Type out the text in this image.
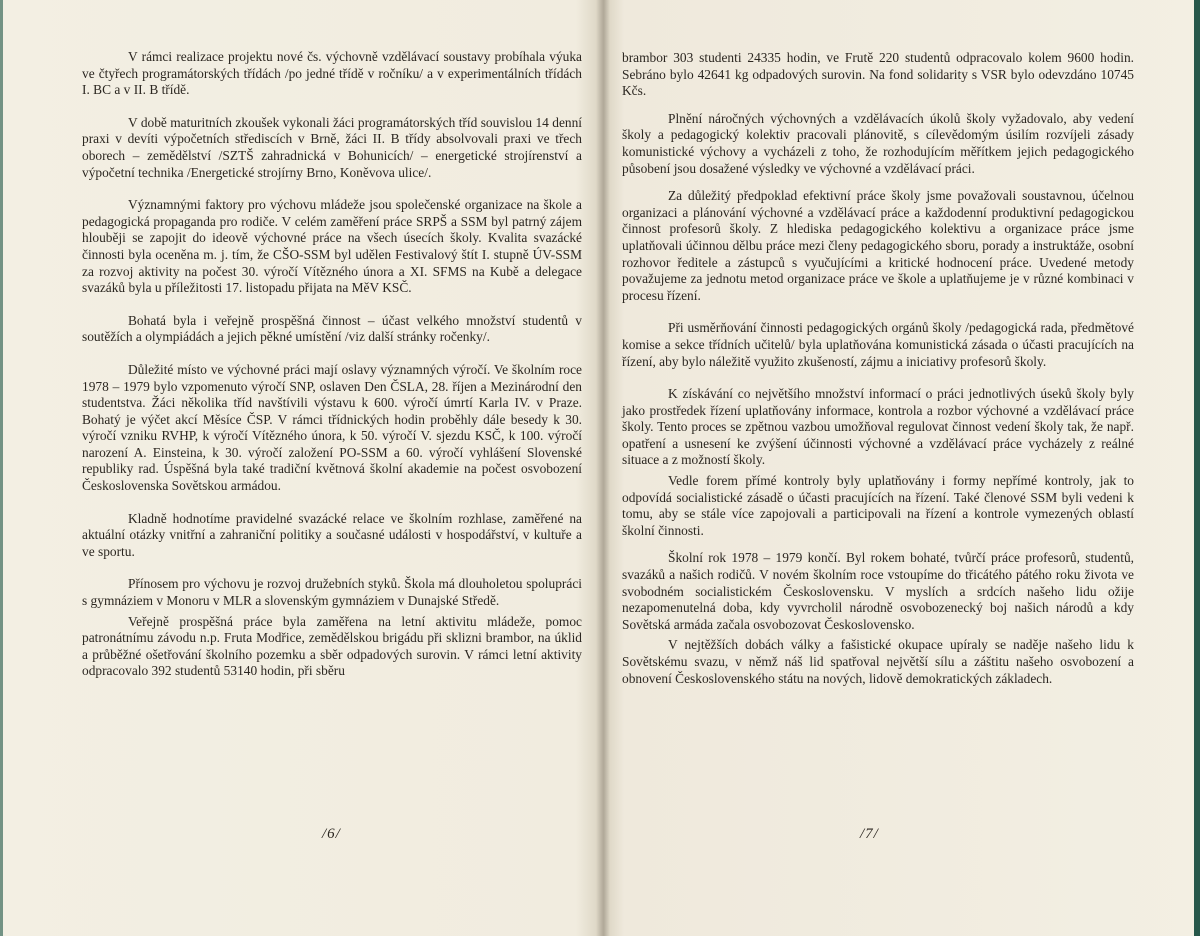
V rámci realizace projektu nové čs. výchovně vzdělávací soustavy probíhala výuka ve čtyřech programátorských třídách /po jedné třídě v ročníku/ a v experimentálních třídách I. BC a v II. B třídě.

V době maturitních zkoušek vykonali žáci programátorských tříd souvislou 14 denní praxi v devíti výpočetních střediscích v Brně, žáci II. B třídy absolvovali praxi ve třech oborech – zemědělství /SZTŠ zahradnická v Bohunicích/ – energetické strojírenství a výpočetní technika /Energetické strojírny Brno, Koněvova ulice/.

Významnými faktory pro výchovu mládeže jsou společenské organizace na škole a pedagogická propaganda pro rodiče. V celém zaměření práce SRPŠ a SSM byl patrný zájem hlouběji se zapojit do ideově výchovné práce na všech úsecích školy. Kvalita svazácké činnosti byla oceněna m. j. tím, že CŠO-SSM byl udělen Festivalový štít I. stupně ÚV-SSM za rozvoj aktivity na počest 30. výročí Vítězného února a XI. SFMS na Kubě a delegace svazáků byla u příležitosti 17. listopadu přijata na MěV KSČ.

Bohatá byla i veřejně prospěšná činnost – účast velkého množství studentů v soutěžích a olympiádách a jejich pěkné umístění /viz další stránky ročenky/.

Důležité místo ve výchovné práci mají oslavy významných výročí. Ve školním roce 1978 – 1979 bylo vzpomenuto výročí SNP, oslaven Den ČSLA, 28. říjen a Mezinárodní den studentstva. Žáci několika tříd navštívili výstavu k 600. výročí úmrtí Karla IV. v Praze. Bohatý je výčet akcí Měsíce ČSP. V rámci třídnických hodin proběhly dále besedy k 30. výročí vzniku RVHP, k výročí Vítězného února, k 50. výročí V. sjezdu KSČ, k 100. výročí narození A. Einsteina, k 30. výročí založení PO-SSM a 60. výročí vyhlášení Slovenské republiky rad. Úspěšná byla také tradiční květnová školní akademie na počest osvobození Československa Sovětskou armádou.

Kladně hodnotíme pravidelné svazácké relace ve školním rozhlase, zaměřené na aktuální otázky vnitřní a zahraniční politiky a současné události v hospodářství, v kultuře a ve sportu.

Přínosem pro výchovu je rozvoj družebních styků. Škola má dlouholetou spolupráci s gymnáziem v Monoru v MLR a slovenským gymnáziem v Dunajské Středě.

Veřejně prospěšná práce byla zaměřena na letní aktivitu mládeže, pomoc patronátnímu závodu n.p. Fruta Modřice, zemědělskou brigádu při sklizni brambor, na úklid a průběžné ošetřování školního pozemku a sběr odpadových surovin. V rámci letní aktivity odpracovalo 392 studentů 53140 hodin, při sběru

/6/

brambor 303 studenti 24335 hodin, ve Frutě 220 studentů odpracovalo kolem 9600 hodin. Sebráno bylo 42641 kg odpadových surovin. Na fond solidarity s VSR bylo odevzdáno 10745 Kčs.

Plnění náročných výchovných a vzdělávacích úkolů školy vyžadovalo, aby vedení školy a pedagogický kolektiv pracovali plánovitě, s cílevědomým úsilím rozvíjeli zásady komunistické výchovy a vycházeli z toho, že rozhodujícím měřítkem jejich pedagogického působení jsou dosažené výsledky ve výchovné a vzdělávací práci.

Za důležitý předpoklad efektivní práce školy jsme považovali soustavnou, účelnou organizaci a plánování výchovné a vzdělávací práce a každodenní produktivní pedagogickou činnost profesorů školy. Z hlediska pedagogického kolektivu a organizace práce jsme uplatňovali účinnou dělbu práce mezi členy pedagogického sboru, porady a instruktáže, osobní rozhovor ředitele a zástupců s vyučujícími a kritické hodnocení práce. Uvedené metody považujeme za jednotu metod organizace práce ve škole a uplatňujeme je v různé kombinaci v procesu řízení.

Při usměrňování činnosti pedagogických orgánů školy /pedagogická rada, předmětové komise a sekce třídních učitelů/ byla uplatňována komunistická zásada o účasti pracujících na řízení, aby bylo náležitě využito zkušeností, zájmu a iniciativy profesorů školy.

K získávání co největšího množství informací o práci jednotlivých úseků školy byly jako prostředek řízení uplatňovány informace, kontrola a rozbor výchovné a vzdělávací práce školy. Tento proces se zpětnou vazbou umožňoval regulovat činnost vedení školy tak, že např. opatření a usnesení ke zvýšení účinnosti výchovné a vzdělávací práce vycházely z reálné situace a z možností školy.

Vedle forem přímé kontroly byly uplatňovány i formy nepřímé kontroly, jak to odpovídá socialistické zásadě o účasti pracujících na řízení. Také členové SSM byli vedeni k tomu, aby se stále více zapojovali a participovali na řízení a kontrole vymezených oblastí školní činnosti.

Školní rok 1978 – 1979 končí. Byl rokem bohaté, tvůrčí práce profesorů, studentů, svazáků a našich rodičů. V novém školním roce vstoupíme do třicátého pátého roku života ve svobodném socialistickém Československu. V myslích a srdcích našeho lidu ožije nezapomenutelná doba, kdy vyvrcholil národně osvobozenecký boj našich národů a kdy Sovětská armáda začala osvobozovat Československo.

V nejtěžších dobách války a fašistické okupace upíraly se naděje našeho lidu k Sovětskému svazu, v němž náš lid spatřoval největší sílu a záštitu našeho osvobození a obnovení Československého státu na nových, lidově demokratických základech.

/7/
